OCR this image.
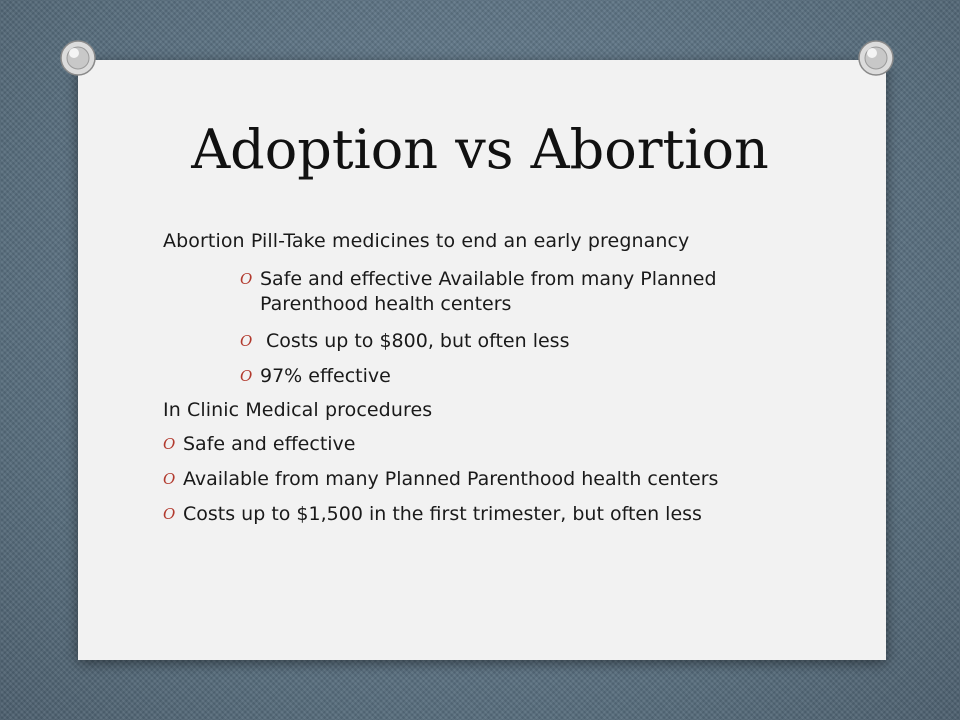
Adoption vs Abortion

Abortion Pill-Take medicines to end an early pregnancy

O Safe and effective Available from many Planned Parenthood health centers
O Costs up to $800, but often less
O 97% effective

In Clinic Medical procedures

O Safe and effective
O Available from many Planned Parenthood health centers
O Costs up to $1,500 in the first trimester, but often less
